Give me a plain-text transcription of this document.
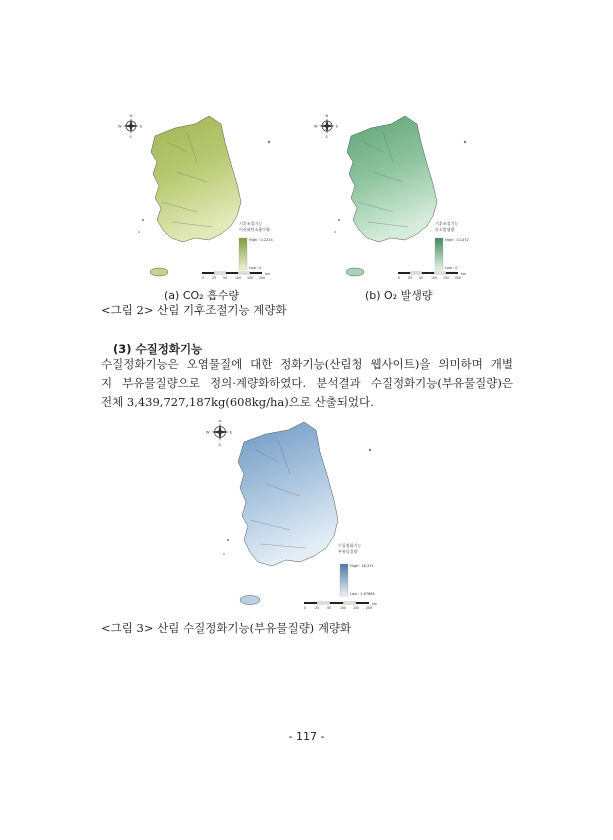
N
S
E
W
기후조절기능
이산화탄소흡수량
High : 0.2224
Low : 0
0 25 50 100 150 200
km
(a) CO₂ 흡수량
N
S
E
W
기후조절기능
산소발생량
High : 0.1472
Low : 0
0 25 50 100 150 200
km
(b) O₂ 발생량
<그림 2> 산림 기후조절기능 계량화
(3) 수질정화기능
수질정화기능은 오염물질에 대한 정화기능(산림청 웹사이트)을 의미하며 개별
지 부유물질량으로 정의·계량화하였다. 분석결과 수질정화기능(부유물질량)은
전체 3,439,727,187kg(608kg/ha)으로 산출되었다.
N
S
E
W
수질정화기능
부유물질량
High : 18,331
Low : 1.97885
0	25 50	100 150 200
km
<그림 3> 산림 수질정화기능(부유물질량) 계량화
- 117 -
